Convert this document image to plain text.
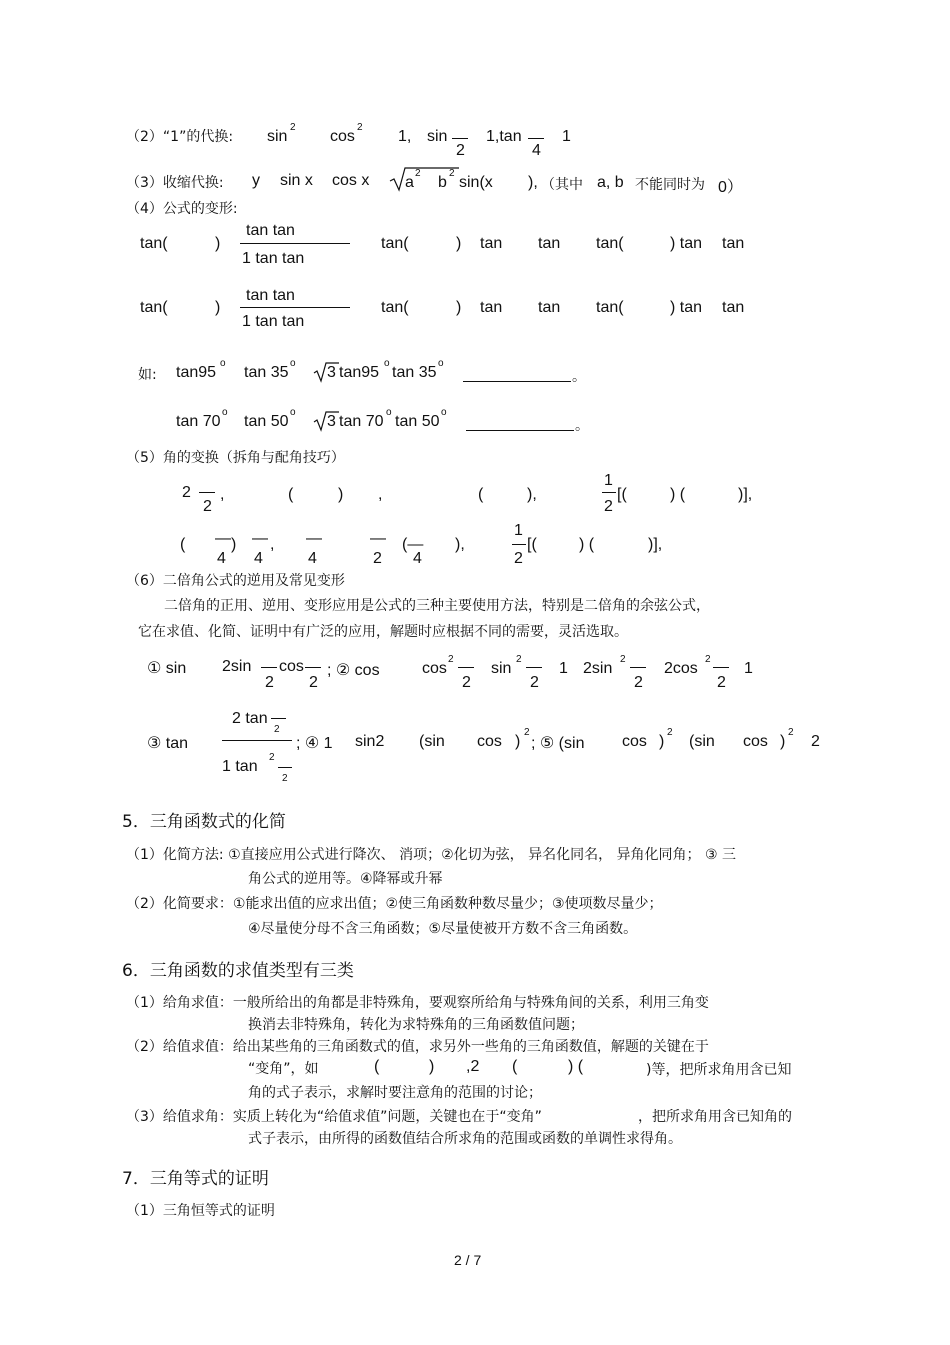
（2）“1”的代换: sin
2
cos
2
1, sin
2
1,tan
4
1
（3）收缩代换: y sin x cos x a
2
b
2
sin(x ), （其中 a, b 不能同时为 0）
（4）公式的变形:
tan(	)
tan tan
1 tan tan
tan(	) tan tan tan(	) tan tan
tan(	)
tan tan
1 tan tan
tan(	) tan tan tan(	) tan tan
如: tan95
o
tan 35
o
3 tan95
o
tan 35
o
。
tan 70
o
tan 50
o
3 tan 70
o
tan 50
o
。
（5）角的变换（拆角与配角技巧）
2
2
,	(	) ,	(	),
1
2
[(	) (	)],
( —
4
) —
4
, —
4
—
2
(—
4
),
1
2
[(	) (	)],
（6）二倍角公式的逆用及常见变形
二倍角的正用、逆用、变形应用是公式的三种主要使用方法，特别是二倍角的余弦公式，
它在求值、化简、证明中有广泛的应用，解题时应根据不同的需要，灵活选取。
① sin 2sin
2
cos
2
; ② cos	cos
2
2
sin
2
2
1 2sin
2
2
2cos
2
2
1
③ tan
2 tan
2
1 tan
2
2
; ④ 1 sin2 (sin cos )
2
; ⑤ (sin cos )
2
(sin cos )
2
2
5．三角函数式的化简
（1）化简方法: ①直接应用公式进行降次、 消项；②化切为弦， 异名化同名， 异角化同角； ③ 三
角公式的逆用等。④降幂或升幂
（2）化简要求：①能求出值的应求出值；②使三角函数种数尽量少；③使项数尽量少；
④尽量使分母不含三角函数；⑤尽量使被开方数不含三角函数。
6．三角函数的求值类型有三类
（1）给角求值：一般所给出的角都是非特殊角，要观察所给角与特殊角间的关系，利用三角变
换消去非特殊角，转化为求特殊角的三角函数值问题；
（2）给值求值：给出某些角的三角函数式的值，求另外一些角的三角函数值，解题的关键在于
“变角”，如	(	) ,2 (	) (	)等，把所求角用含已知
角的式子表示，求解时要注意角的范围的讨论；
（3）给值求角：实质上转化为“给值求值”问题，关键也在于“变角”	，把所求角用含已知角的
式子表示，由所得的函数值结合所求角的范围或函数的单调性求得角。
7．三角等式的证明
（1）三角恒等式的证明
2 / 7
